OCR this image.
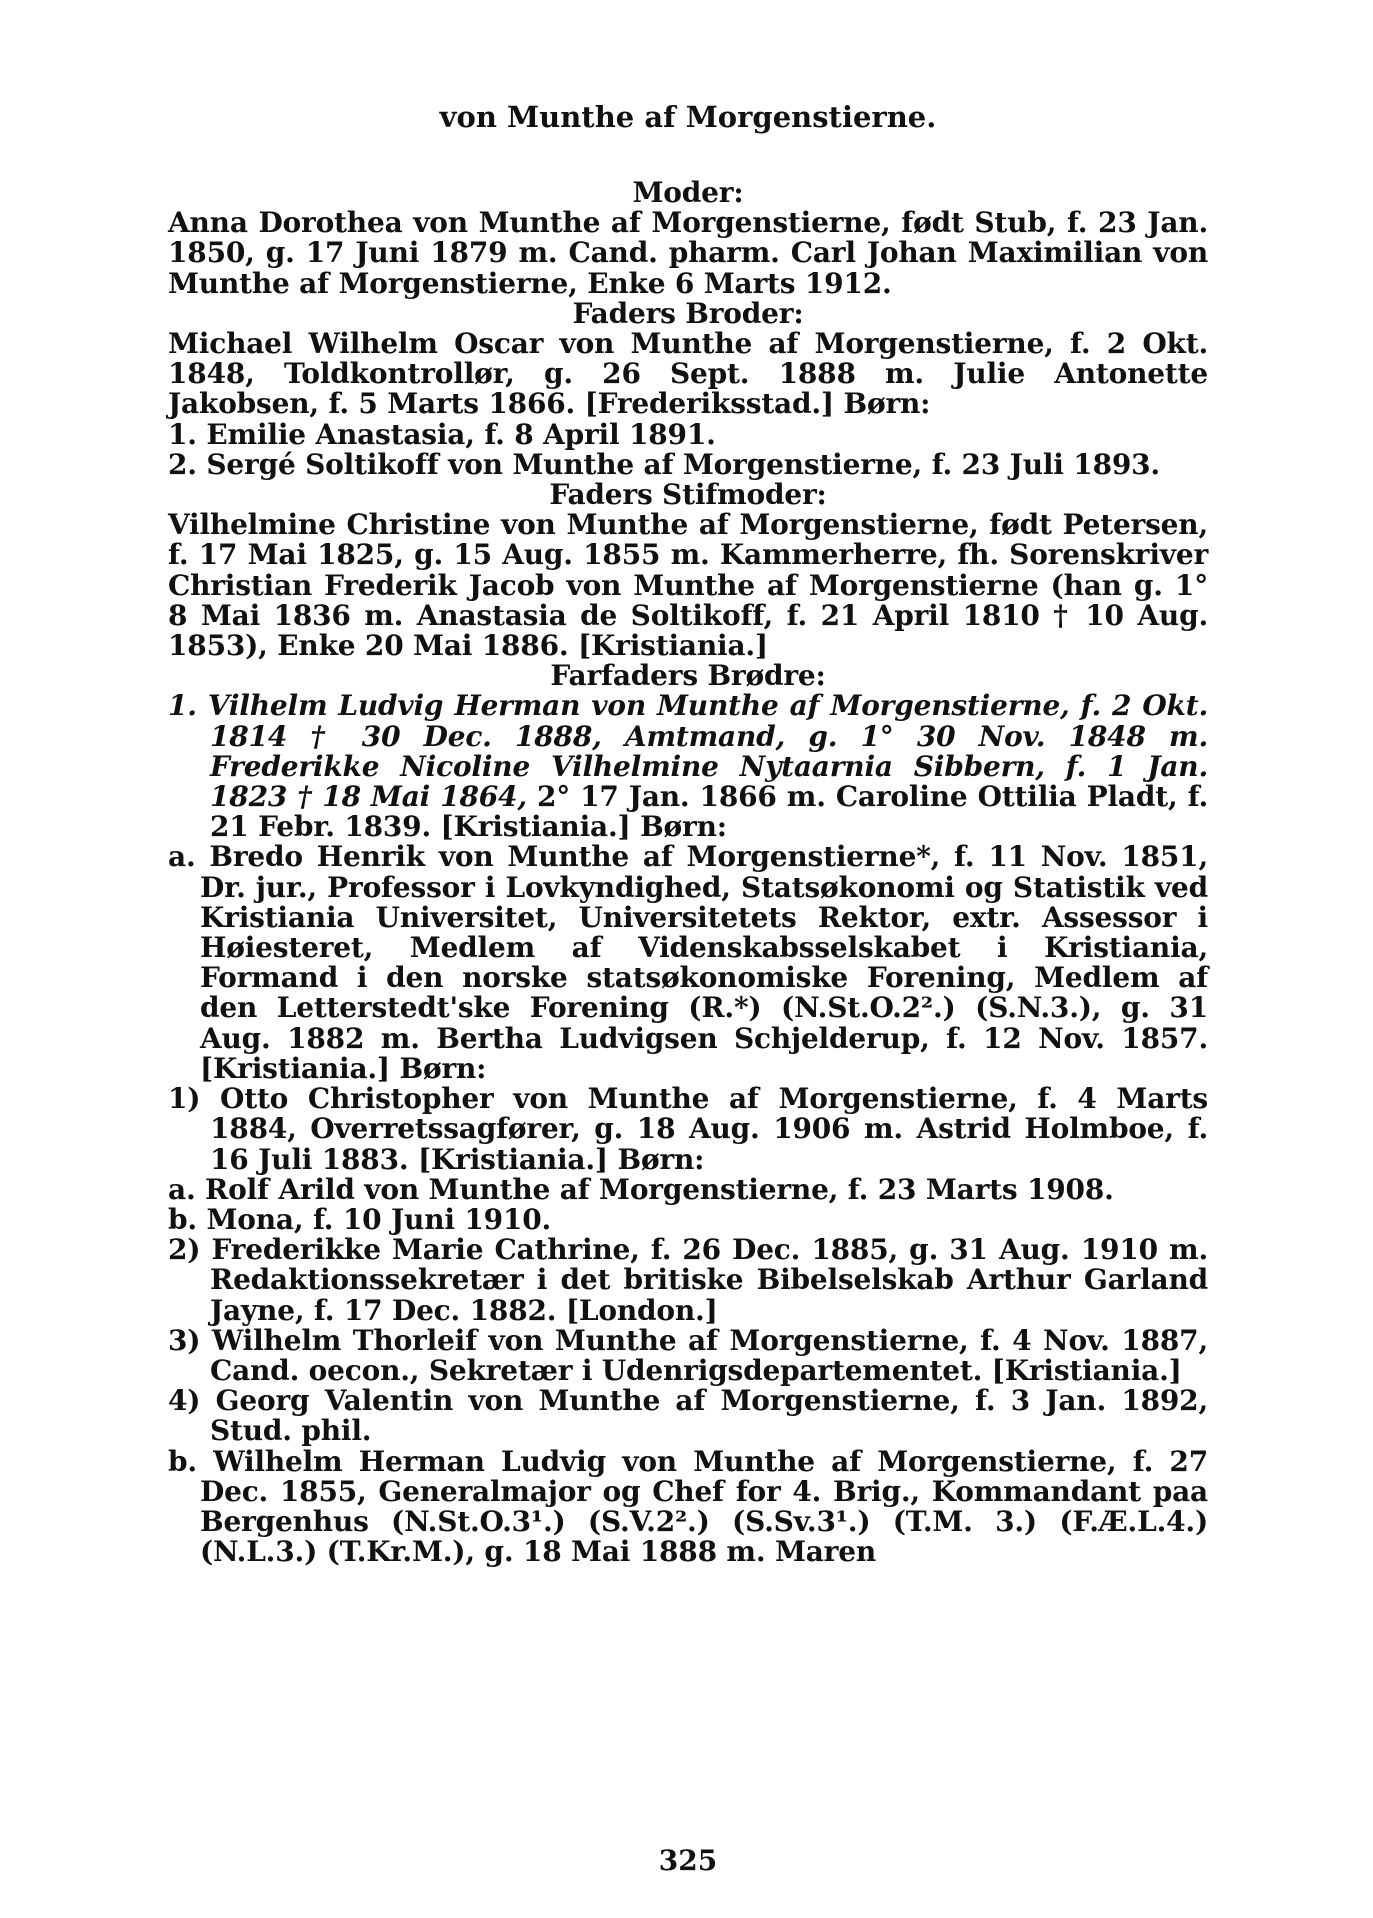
von Munthe af Morgenstierne.

Moder:

Anna Dorothea von Munthe af Morgenstierne, født Stub, f. 23 Jan. 1850, g. 17 Juni 1879 m. Cand. pharm. Carl Johan Maximilian von Munthe af Morgenstierne, Enke 6 Marts 1912.

Faders Broder:

Michael Wilhelm Oscar von Munthe af Morgenstierne, f. 2 Okt. 1848, Toldkontrollør, g. 26 Sept. 1888 m. Julie Antonette Jakobsen, f. 5 Marts 1866. [Frederiksstad.] Børn:

1. Emilie Anastasia, f. 8 April 1891.

2. Sergé Soltikoff von Munthe af Morgenstierne, f. 23 Juli 1893.

Faders Stifmoder:

Vilhelmine Christine von Munthe af Morgenstierne, født Petersen, f. 17 Mai 1825, g. 15 Aug. 1855 m. Kammerherre, fh. Sorenskriver Christian Frederik Jacob von Munthe af Morgenstierne (han g. 1° 8 Mai 1836 m. Anastasia de Soltikoff, f. 21 April 1810 † 10 Aug. 1853), Enke 20 Mai 1886. [Kristiania.]

Farfaders Brødre:

1. Vilhelm Ludvig Herman von Munthe af Morgenstierne, f. 2 Okt. 1814 † 30 Dec. 1888, Amtmand, g. 1° 30 Nov. 1848 m. Frederikke Nicoline Vilhelmine Nytaarnia Sibbern, f. 1 Jan. 1823 † 18 Mai 1864, 2° 17 Jan. 1866 m. Caroline Ottilia Pladt, f. 21 Febr. 1839. [Kristiania.] Børn:

a. Bredo Henrik von Munthe af Morgenstierne*, f. 11 Nov. 1851, Dr. jur., Professor i Lovkyndighed, Statsøkonomi og Statistik ved Kristiania Universitet, Universitetets Rektor, extr. Assessor i Høiesteret, Medlem af Videnskabsselskabet i Kristiania, Formand i den norske statsøkonomiske Forening, Medlem af den Letterstedt'ske Forening (R.*) (N.St.O.2².) (S.N.3.), g. 31 Aug. 1882 m. Bertha Ludvigsen Schjelderup, f. 12 Nov. 1857. [Kristiania.] Børn:

1) Otto Christopher von Munthe af Morgenstierne, f. 4 Marts 1884, Overretssagfører, g. 18 Aug. 1906 m. Astrid Holmboe, f. 16 Juli 1883. [Kristiania.] Børn:

a. Rolf Arild von Munthe af Morgenstierne, f. 23 Marts 1908.

b. Mona, f. 10 Juni 1910.

2) Frederikke Marie Cathrine, f. 26 Dec. 1885, g. 31 Aug. 1910 m. Redaktionssekretær i det britiske Bibelselskab Arthur Garland Jayne, f. 17 Dec. 1882. [London.]

3) Wilhelm Thorleif von Munthe af Morgenstierne, f. 4 Nov. 1887, Cand. oecon., Sekretær i Udenrigsdepartementet. [Kristiania.]

4) Georg Valentin von Munthe af Morgenstierne, f. 3 Jan. 1892, Stud. phil.

b. Wilhelm Herman Ludvig von Munthe af Morgenstierne, f. 27 Dec. 1855, Generalmajor og Chef for 4. Brig., Kommandant paa Bergenhus (N.St.O.3¹.) (S.V.2².) (S.Sv.3¹.) (T.M. 3.) (F.Æ.L.4.) (N.L.3.) (T.Kr.M.), g. 18 Mai 1888 m. Maren

325
